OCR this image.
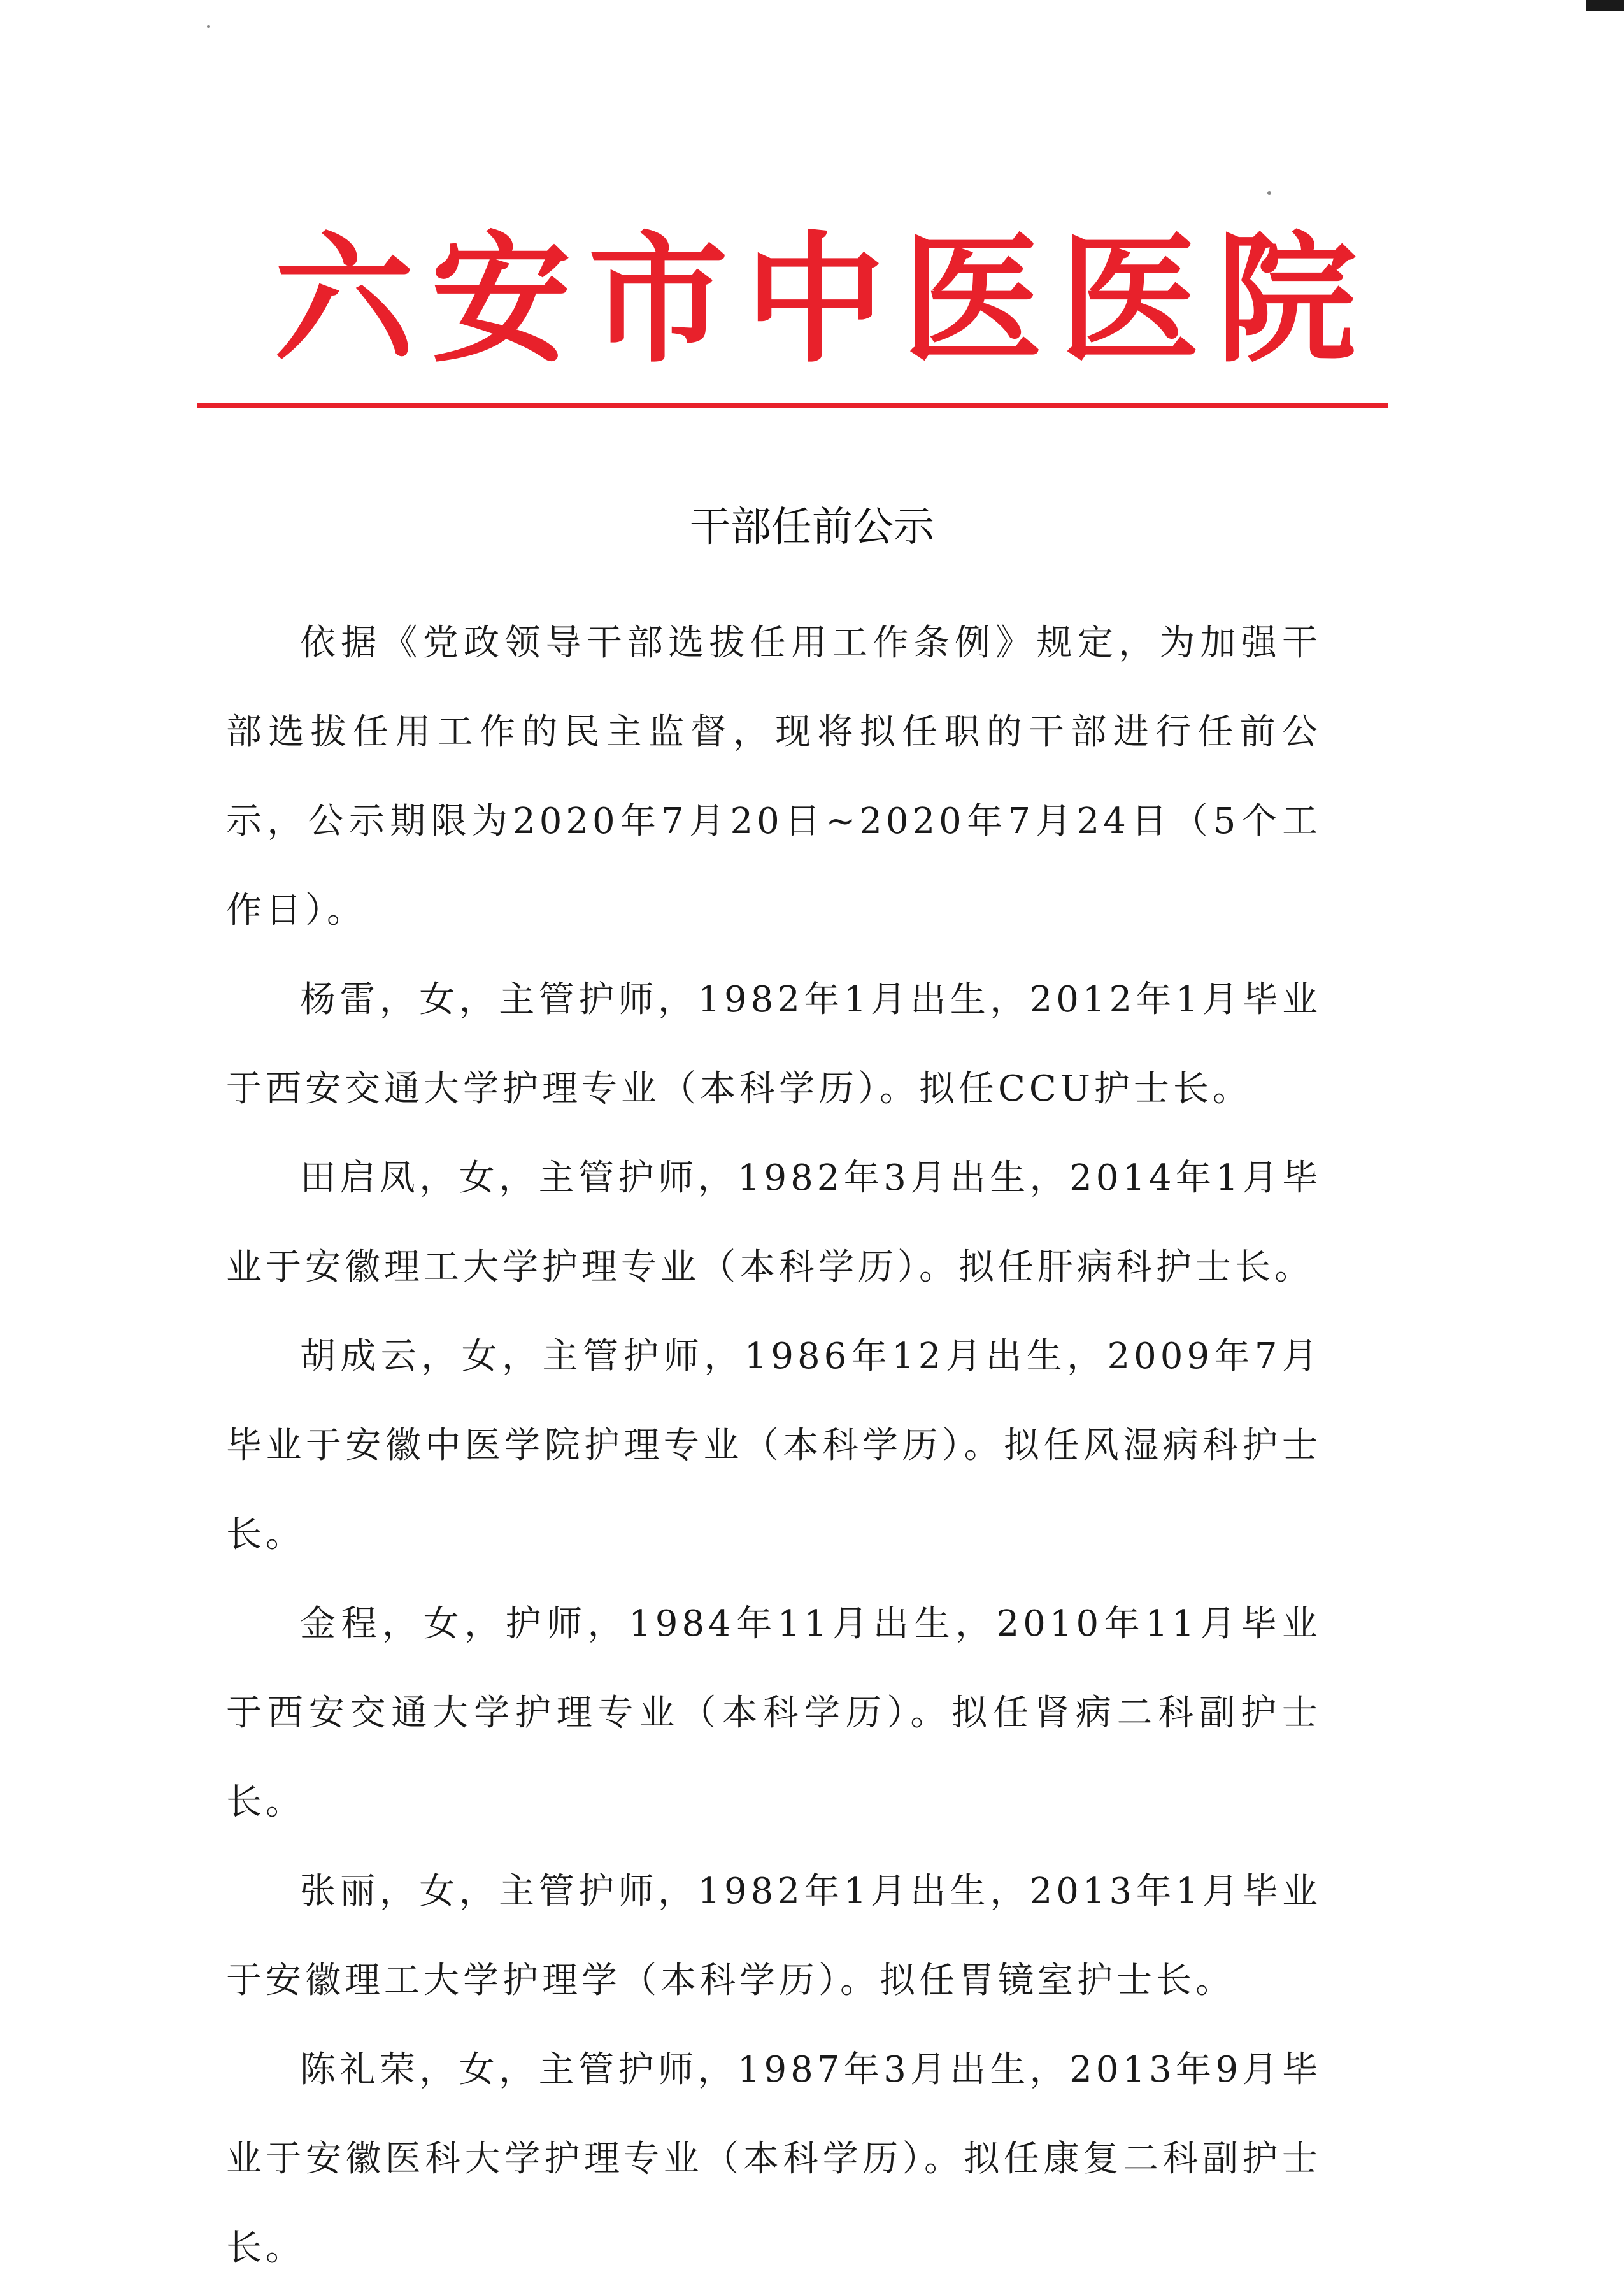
六 安 市 中 医 医 院
干部任前公示

依据《党政领导干部选拔任用工作条例》规定，为加强干部选拔任用工作的民主监督，现将拟任职的干部进行任前公示，公示期限为2020年7月20日~2020年7月24日（5个工作日）。

杨雷，女，主管护师，1982年1月出生，2012年1月毕业于西安交通大学护理专业（本科学历）。拟任CCU护士长。

田启凤，女，主管护师，1982年3月出生，2014年1月毕业于安徽理工大学护理专业（本科学历）。拟任肝病科护士长。

胡成云，女，主管护师，1986年12月出生，2009年7月毕业于安徽中医学院护理专业（本科学历）。拟任风湿病科护士长。

金程，女，护师，1984年11月出生，2010年11月毕业于西安交通大学护理专业（本科学历）。拟任肾病二科副护士长。

张丽，女，主管护师，1982年1月出生，2013年1月毕业于安徽理工大学护理学（本科学历）。拟任胃镜室护士长。

陈礼荣，女，主管护师，1987年3月出生，2013年9月毕业于安徽医科大学护理专业（本科学历）。拟任康复二科副护士长。
